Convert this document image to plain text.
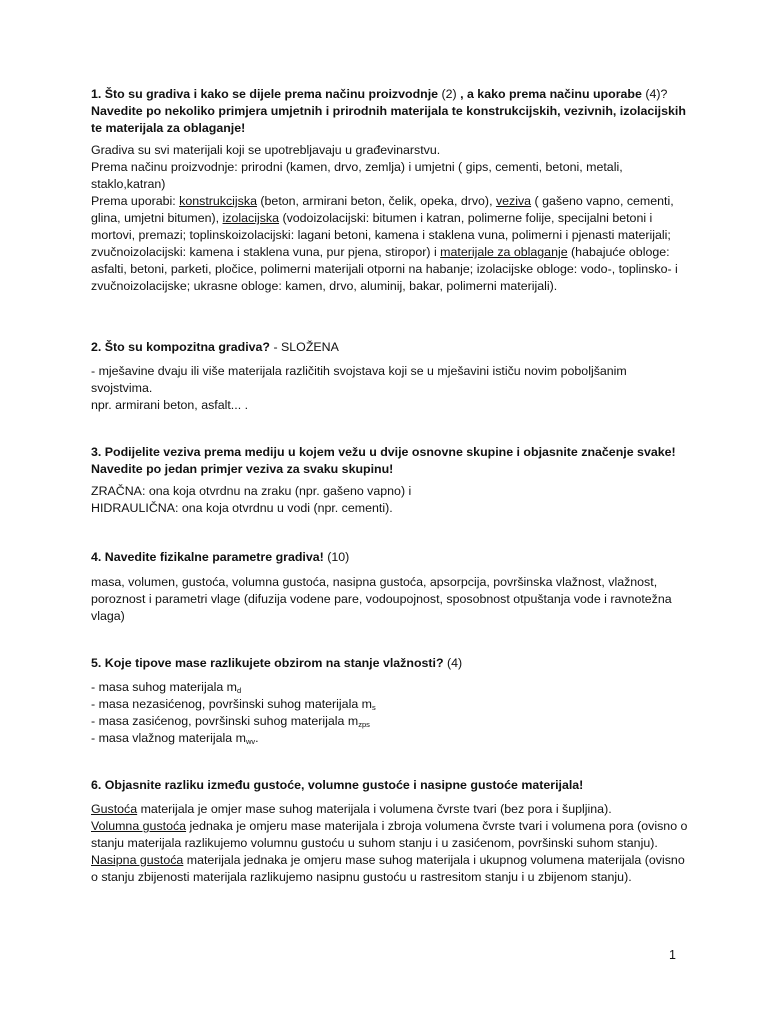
1. Što su gradiva i kako se dijele prema načinu proizvodnje (2) , a kako prema načinu uporabe (4)? Navedite po nekoliko primjera umjetnih i prirodnih materijala te konstrukcijskih, vezivnih, izolacijskih te materijala za oblaganje!

Gradiva su svi materijali koji se upotrebljavaju u građevinarstvu.

Prema načinu proizvodnje: prirodni (kamen, drvo, zemlja) i umjetni ( gips, cementi, betoni, metali, staklo,katran)

Prema uporabi: konstrukcijska (beton, armirani beton, čelik, opeka, drvo), veziva ( gašeno vapno, cementi, glina, umjetni bitumen), izolacijska (vodoizolacijski: bitumen i katran, polimerne folije, specijalni betoni i mortovi, premazi; toplinskoizolacijski: lagani betoni, kamena i staklena vuna, polimerni i pjenasti materijali; zvučnoizolacijski: kamena i staklena vuna, pur pjena, stiropor) i materijale za oblaganje (habajuće obloge: asfalti, betoni, parketi, pločice, polimerni materijali otporni na habanje; izolacijske obloge: vodo-, toplinsko- i zvučnoizolacijske; ukrasne obloge: kamen, drvo, aluminij, bakar, polimerni materijali).

2. Što su kompozitna gradiva? - SLOŽENA

- mješavine dvaju ili više materijala različitih svojstava koji se u mješavini ističu novim poboljšanim svojstvima.

npr. armirani beton, asfalt... .

3. Podijelite veziva prema mediju u kojem vežu u dvije osnovne skupine i objasnite značenje svake! Navedite po jedan primjer veziva za svaku skupinu!

ZRAČNA: ona koja otvrdnu na zraku (npr. gašeno vapno) i

HIDRAULIČNA: ona koja otvrdnu u vodi (npr. cementi).

4. Navedite fizikalne parametre gradiva! (10)

masa, volumen, gustoća, volumna gustoća, nasipna gustoća, apsorpcija, površinska vlažnost, vlažnost, poroznost i parametri vlage (difuzija vodene pare, vodoupojnost, sposobnost otpuštanja vode i ravnotežna vlaga)

5. Koje tipove mase razlikujete obzirom na stanje vlažnosti? (4)

- masa suhog materijala $m_d$

- masa nezasićenog, površinski suhog materijala $m_s$

- masa zasićenog, površinski suhog materijala $m_{zps}$

- masa vlažnog materijala $m_{wv}$.

6. Objasnite razliku između gustoće, volumne gustoće i nasipne gustoće materijala!

Gustoća materijala je omjer mase suhog materijala i volumena čvrste tvari (bez pora i šupljina).

Volumna gustoća jednaka je omjeru mase materijala i zbroja volumena čvrste tvari i volumena pora (ovisno o stanju materijala razlikujemo volumnu gustoću u suhom stanju i u zasićenom, površinski suhom stanju).

Nasipna gustoća materijala jednaka je omjeru mase suhog materijala i ukupnog volumena materijala (ovisno o stanju zbijenosti materijala razlikujemo nasipnu gustoću u rastresitom stanju i u zbijenom stanju).

1
